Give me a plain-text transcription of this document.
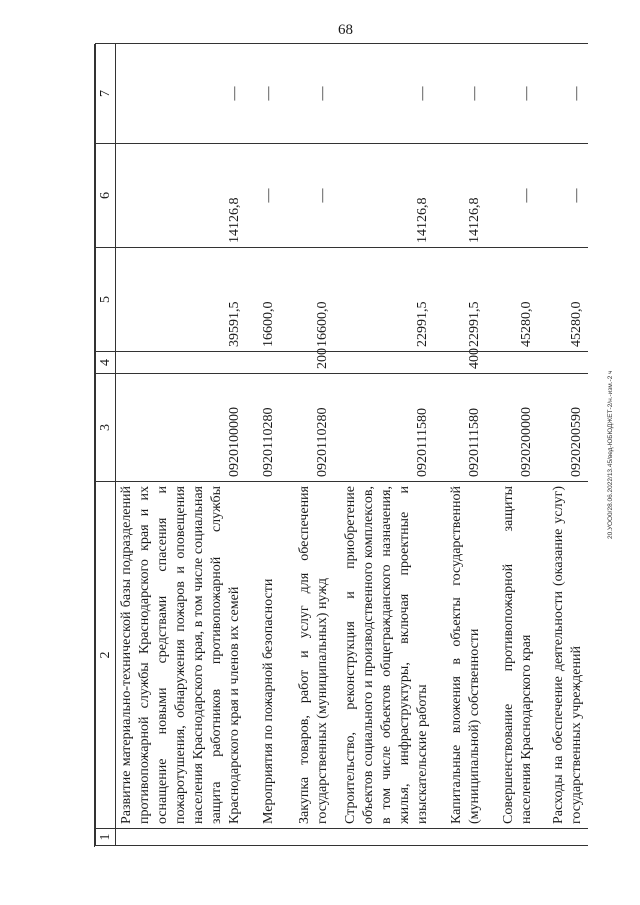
68
1	2	3	4	5	6	7
	Развитие материально-технической базы подразделений противопожарной службы Краснодарского края и их оснащение новыми средствами спасения и пожаротушения, обнаружения пожаров и оповещения населения Краснодарского края, в том числе социальная защита работников противопожарной службы Краснодарского края и членов их семей	0920100000		39591,5	14126,8	—
	Мероприятия по пожарной безопасности	0920110280		16600,0	—	—
	Закупка товаров, работ и услуг для обеспечения государственных (муниципальных) нужд	0920110280	200	16600,0	—	—
	Строительство, реконструкция и приобретение объектов социального и производственного комплексов, в том числе объектов общегражданского назначения, жилья, инфраструктуры, включая проектные и изыскательские работы	0920111580		22991,5	14126,8	—
	Капитальные вложения в объекты государственной (муниципальной) собственности	0920111580	400	22991,5	14126,8	—
	Совершенствование противопожарной защиты населения Краснодарского края	0920200000		45280,0	—	—
	Расходы на обеспечение деятельности (оказание услуг) государственных учреждений	0920200590		45280,0	—	—
20.УОО0/28.06.2022/13.45/вед-ЮБЮДЖЕТ-2/н.-изм.-2 ч
